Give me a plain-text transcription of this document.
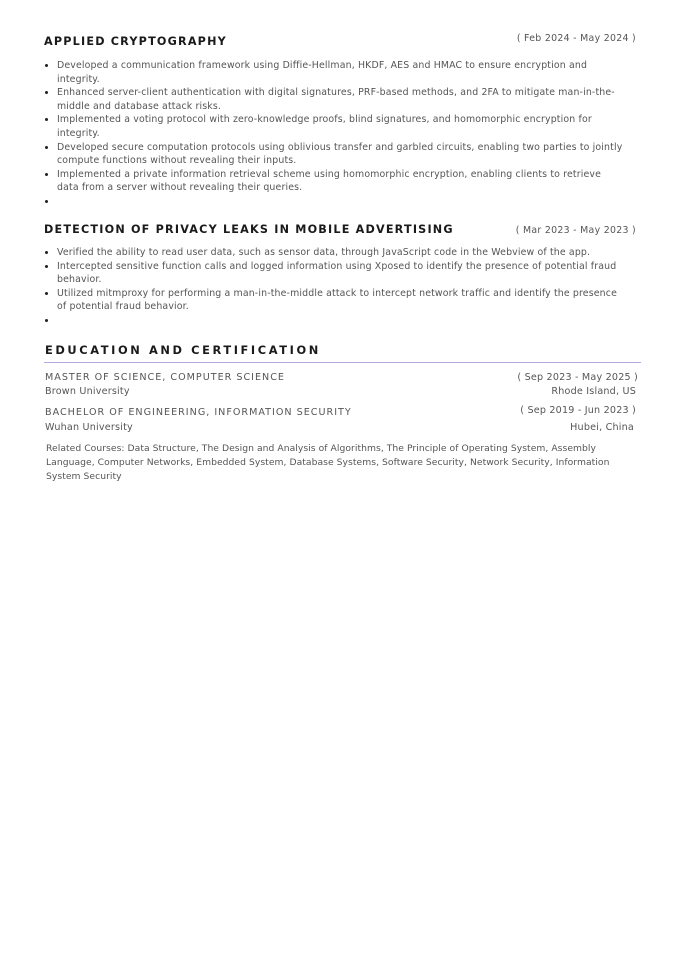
APPLIED CRYPTOGRAPHY	( Feb 2024 - May 2024 )
Developed a communication framework using Diffie-Hellman, HKDF, AES and HMAC to ensure encryption and integrity.
Enhanced server-client authentication with digital signatures, PRF-based methods, and 2FA to mitigate man-in-the-middle and database attack risks.
Implemented a voting protocol with zero-knowledge proofs, blind signatures, and homomorphic encryption for integrity.
Developed secure computation protocols using oblivious transfer and garbled circuits, enabling two parties to jointly compute functions without revealing their inputs.
Implemented a private information retrieval scheme using homomorphic encryption, enabling clients to retrieve data from a server without revealing their queries.
DETECTION OF PRIVACY LEAKS IN MOBILE ADVERTISING	( Mar 2023 - May 2023 )
Verified the ability to read user data, such as sensor data, through JavaScript code in the Webview of the app.
Intercepted sensitive function calls and logged information using Xposed to identify the presence of potential fraud behavior.
Utilized mitmproxy for performing a man-in-the-middle attack to intercept network traffic and identify the presence of potential fraud behavior.
EDUCATION AND CERTIFICATION
MASTER OF SCIENCE, COMPUTER SCIENCE	( Sep 2023 - May 2025 )
Brown University	Rhode Island, US
BACHELOR OF ENGINEERING, INFORMATION SECURITY	( Sep 2019 - Jun 2023 )
Wuhan University	Hubei, China
Related Courses: Data Structure, The Design and Analysis of Algorithms, The Principle of Operating System, Assembly Language, Computer Networks, Embedded System, Database Systems, Software Security, Network Security, Information System Security
